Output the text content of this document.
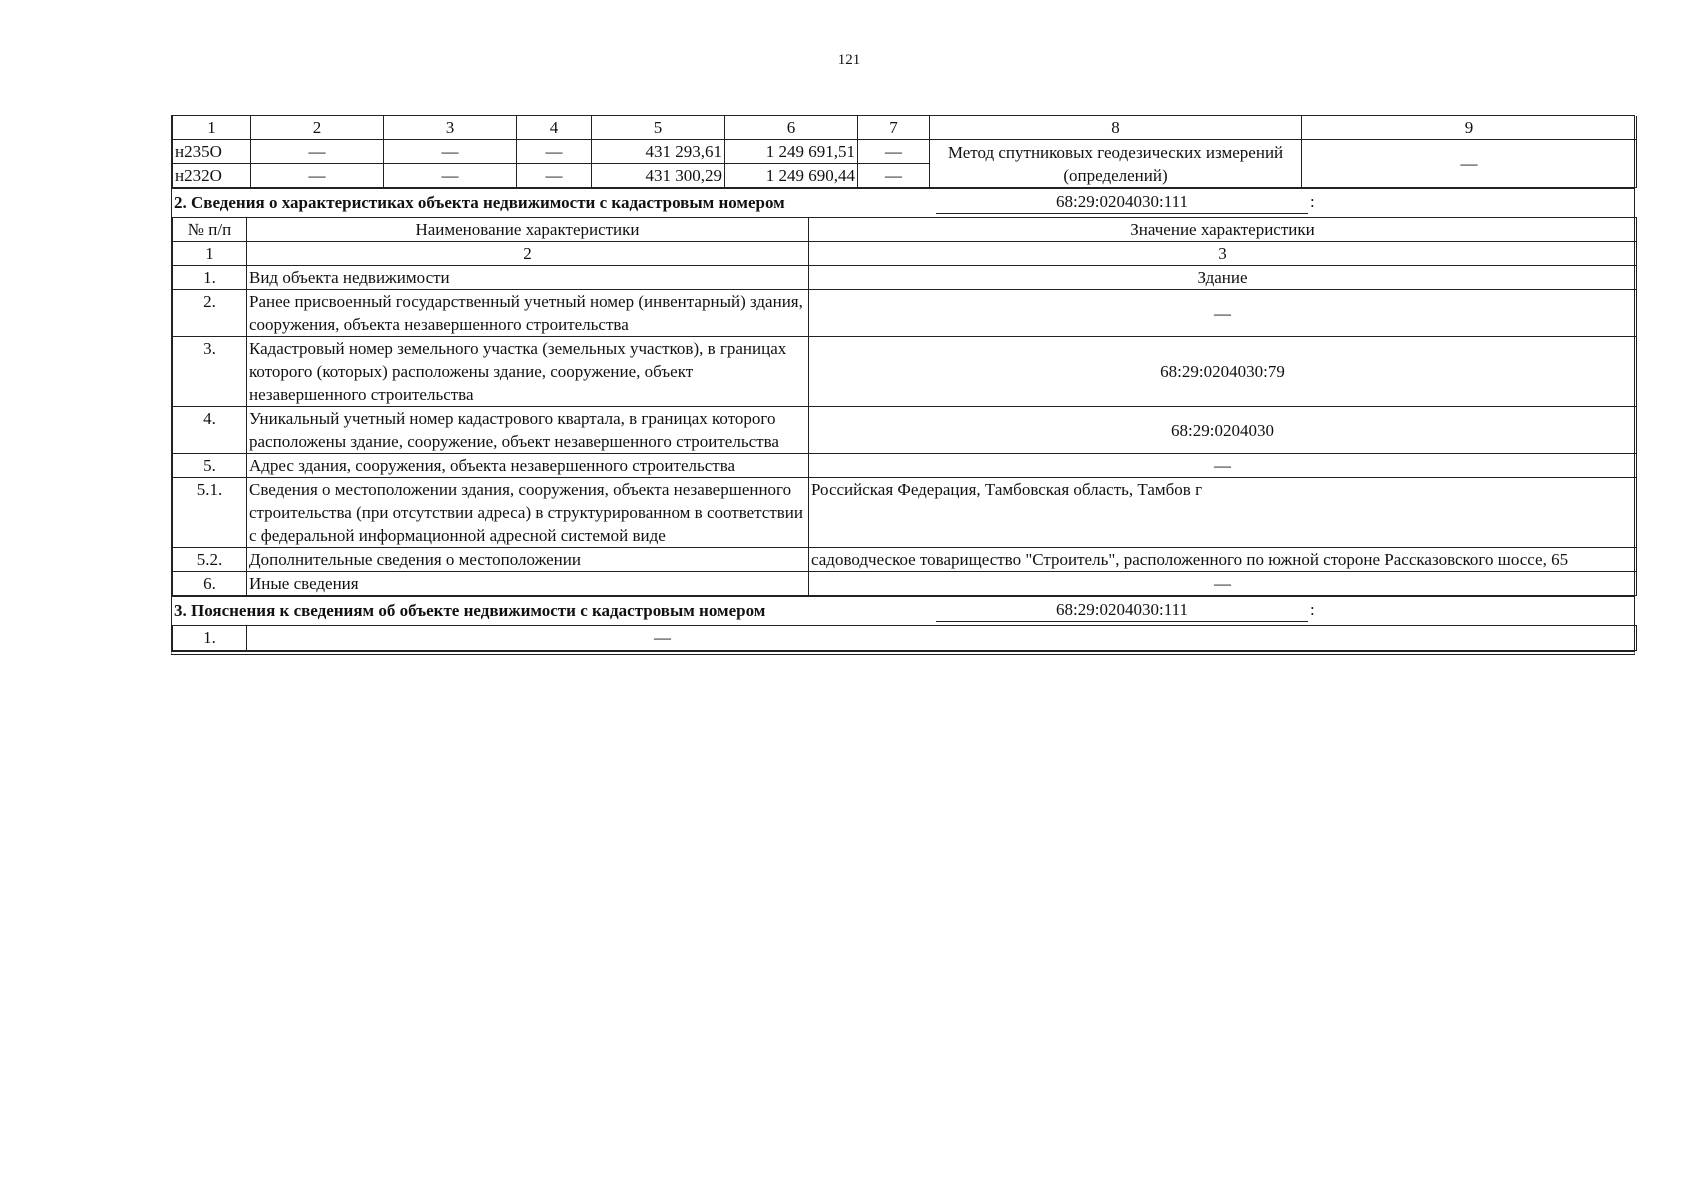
121
1	2	3	4	5	6	7	8	9
н235О	—	—	—	431 293,61	1 249 691,51	—	Метод спутниковых геодезических измерений (определений)	—
н232О	—	—	—	431 300,29	1 249 690,44	—		
2. Сведения о характеристиках объекта недвижимости с кадастровым номером	68:29:0204030:111	:
№ п/п	Наименование характеристики	Значение характеристики
1	2	3
1.	Вид объекта недвижимости	Здание
2.	Ранее присвоенный государственный учетный номер (инвентарный) здания, сооружения, объекта незавершенного строительства	—
3.	Кадастровый номер земельного участка (земельных участков), в границах которого (которых) расположены здание, сооружение, объект незавершенного строительства	68:29:0204030:79
4.	Уникальный учетный номер кадастрового квартала, в границах которого расположены здание, сооружение, объект незавершенного строительства	68:29:0204030
5.	Адрес здания, сооружения, объекта незавершенного строительства	—
5.1.	Сведения о местоположении здания, сооружения, объекта незавершенного строительства (при отсутствии адреса) в структурированном в соответствии с федеральной информационной адресной системой виде	Российская Федерация, Тамбовская область, Тамбов г
5.2.	Дополнительные сведения о местоположении	садоводческое товарищество "Строитель", расположенного по южной стороне Рассказовского шоссе, 65
6.	Иные сведения	—
3. Пояснения к сведениям об объекте недвижимости с кадастровым номером	68:29:0204030:111	:
1.	—
